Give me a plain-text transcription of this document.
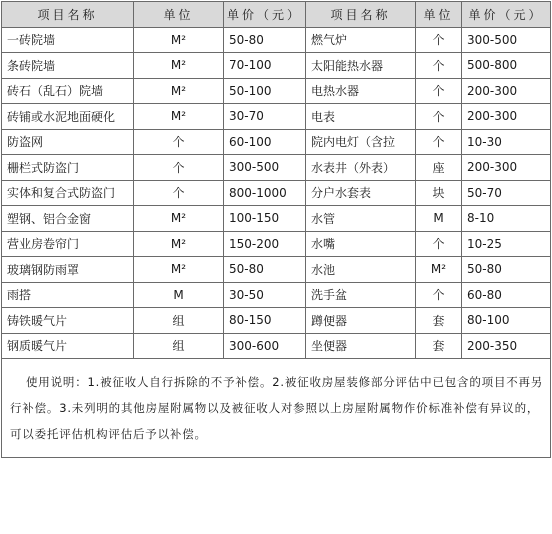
项目名称	单位	单价（元）	项目名称	单位	单价（元）
一砖院墙	M²	50-80	燃气炉	个	300-500
条砖院墙	M²	70-100	太阳能热水器	个	500-800
砖石（乱石）院墙	M²	50-100	电热水器	个	200-300
砖铺或水泥地面硬化	M²	30-70	电表	个	200-300
防盗网	个	60-100	院内电灯（含拉	个	10-30
栅栏式防盗门	个	300-500	水表井（外表）	座	200-300
实体和复合式防盗门	个	800-1000	分户水套表	块	50-70
塑钢、铝合金窗	M²	100-150	水管	M	8-10
营业房卷帘门	M²	150-200	水嘴	个	10-25
玻璃钢防雨罩	M²	50-80	水池	M²	50-80
雨搭	M	30-50	洗手盆	个	60-80
铸铁暖气片	组	80-150	蹲便器	套	80-100
钢质暖气片	组	300-600	坐便器	套	200-350

使用说明：1.被征收人自行拆除的不予补偿。2.被征收房屋装修部分评估中已包含的项目不再另行补偿。3.未列明的其他房屋附属物以及被征收人对参照以上房屋附属物作价标准补偿有异议的，可以委托评估机构评估后予以补偿。					
